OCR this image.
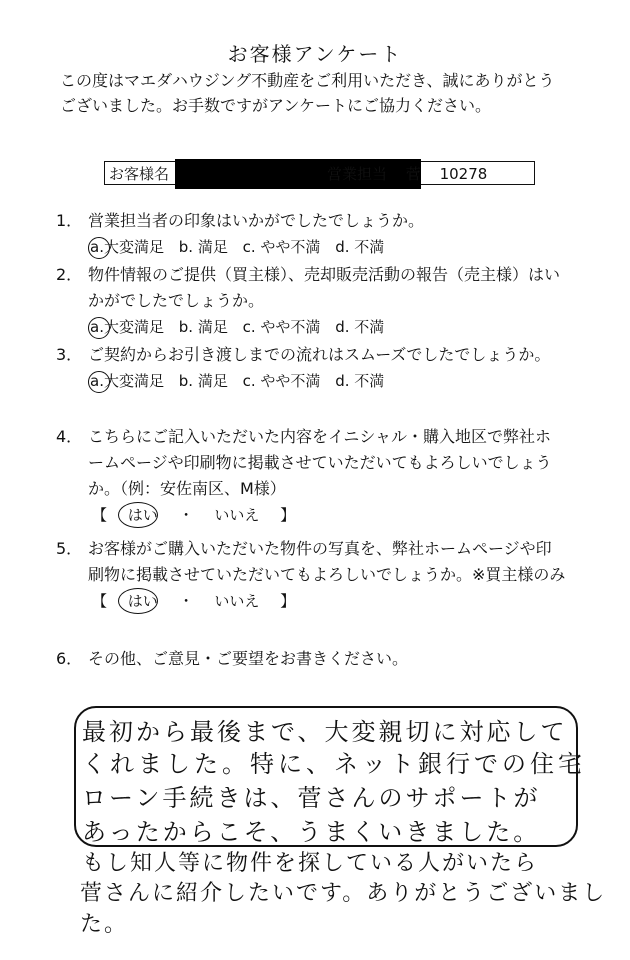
お客様アンケート
この度はマエダハウジング不動産をご利用いただき、誠にありがとうございました。お手数ですがアンケートにご協力ください。
お客様名	営業担当 菅 10278
1． 営業担当者の印象はいかがでしたでしょうか。
a.大変満足 b. 満足 c. やや不満 d. 不満
2． 物件情報のご提供（買主様）、売却販売活動の報告（売主様）はいかがでしたでしょうか。
a.大変満足 b. 満足 c. やや不満 d. 不満
3． ご契約からお引き渡しまでの流れはスムーズでしたでしょうか。
a.大変満足 b. 満足 c. やや不満 d. 不満
4． こちらにご記入いただいた内容をイニシャル・購入地区で弊社ホームページや印刷物に掲載させていただいてもよろしいでしょうか。（例：安佐南区、M様）
【 はい ・ いいえ 】
5． お客様がご購入いただいた物件の写真を、弊社ホームページや印刷物に掲載させていただいてもよろしいでしょうか。※買主様のみ
【 はい ・ いいえ 】
6． その他、ご意見・ご要望をお書きください。
最初から最後まで、大変親切に対応して
くれました。特に、ネット銀行での住宅
ローン手続きは、菅さんのサポートが
あったからこそ、うまくいきました。
もし知人等に物件を探している人がいたら
菅さんに紹介したいです。ありがとうございました。
